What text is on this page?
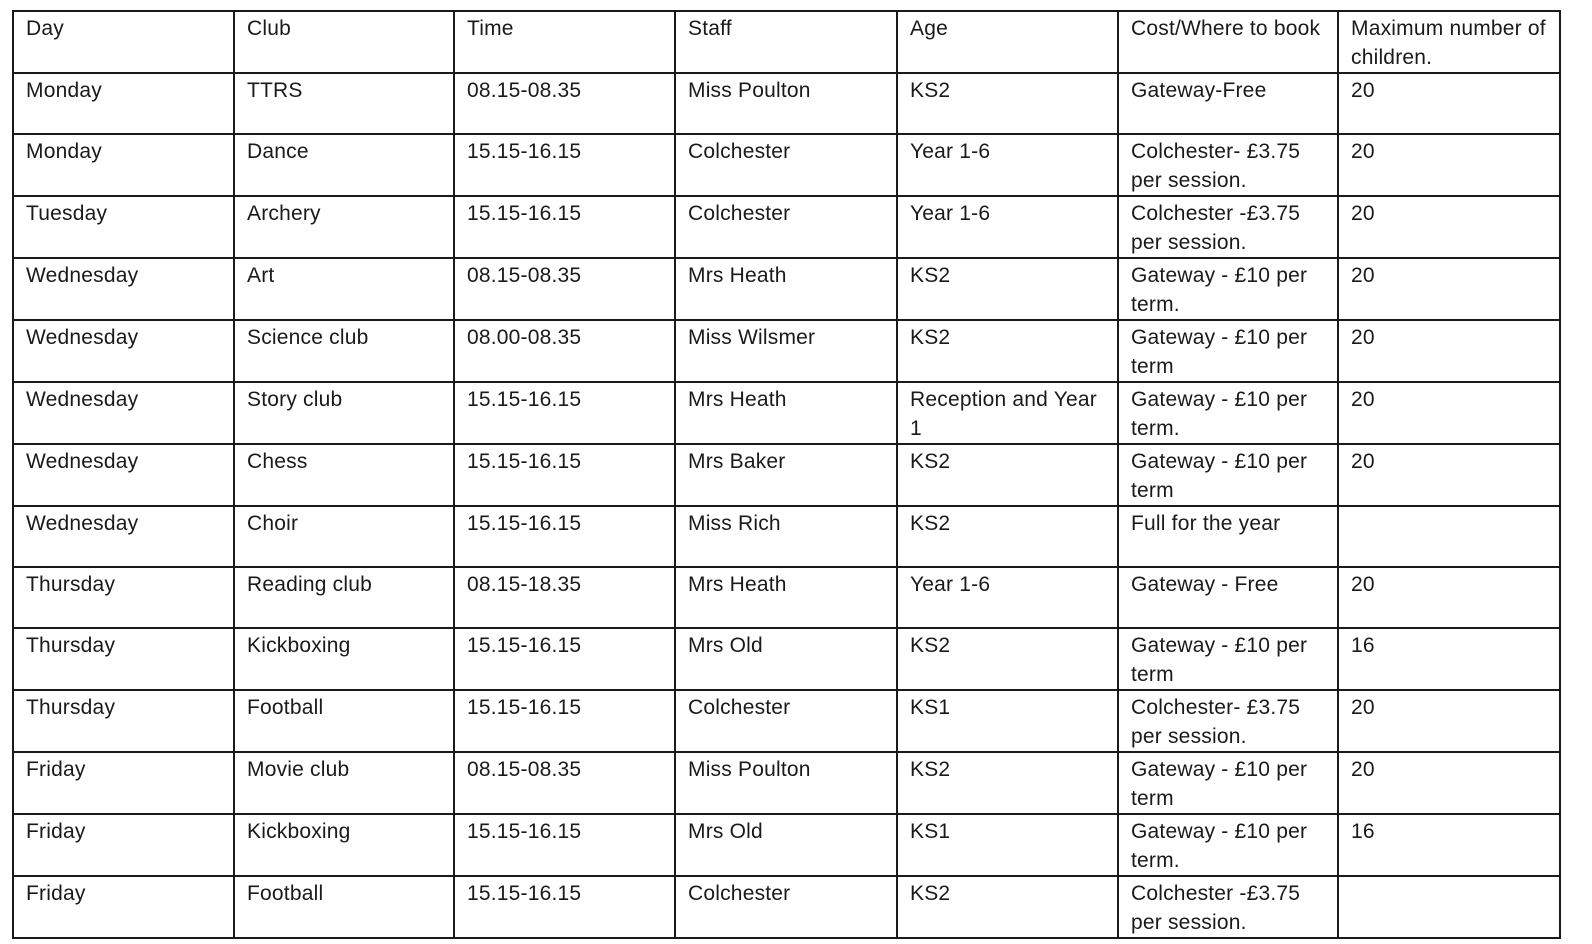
Day	Club	Time	Staff	Age	Cost/Where to book	Maximum number of children.
Monday	TTRS	08.15-08.35	Miss Poulton	KS2	Gateway-Free	20
Monday	Dance	15.15-16.15	Colchester	Year 1-6	Colchester- £3.75 per session.	20
Tuesday	Archery	15.15-16.15	Colchester	Year 1-6	Colchester -£3.75 per session.	20
Wednesday	Art	08.15-08.35	Mrs Heath	KS2	Gateway - £10 per term.	20
Wednesday	Science club	08.00-08.35	Miss Wilsmer	KS2	Gateway - £10 per term	20
Wednesday	Story club	15.15-16.15	Mrs Heath	Reception and Year 1	Gateway - £10 per term.	20
Wednesday	Chess	15.15-16.15	Mrs Baker	KS2	Gateway - £10 per term	20
Wednesday	Choir	15.15-16.15	Miss Rich	KS2	Full for the year	
Thursday	Reading club	08.15-18.35	Mrs Heath	Year 1-6	Gateway - Free	20
Thursday	Kickboxing	15.15-16.15	Mrs Old	KS2	Gateway - £10 per term	16
Thursday	Football	15.15-16.15	Colchester	KS1	Colchester- £3.75 per session.	20
Friday	Movie club	08.15-08.35	Miss Poulton	KS2	Gateway - £10 per term	20
Friday	Kickboxing	15.15-16.15	Mrs Old	KS1	Gateway - £10 per term.	16
Friday	Football	15.15-16.15	Colchester	KS2	Colchester -£3.75 per session.	
